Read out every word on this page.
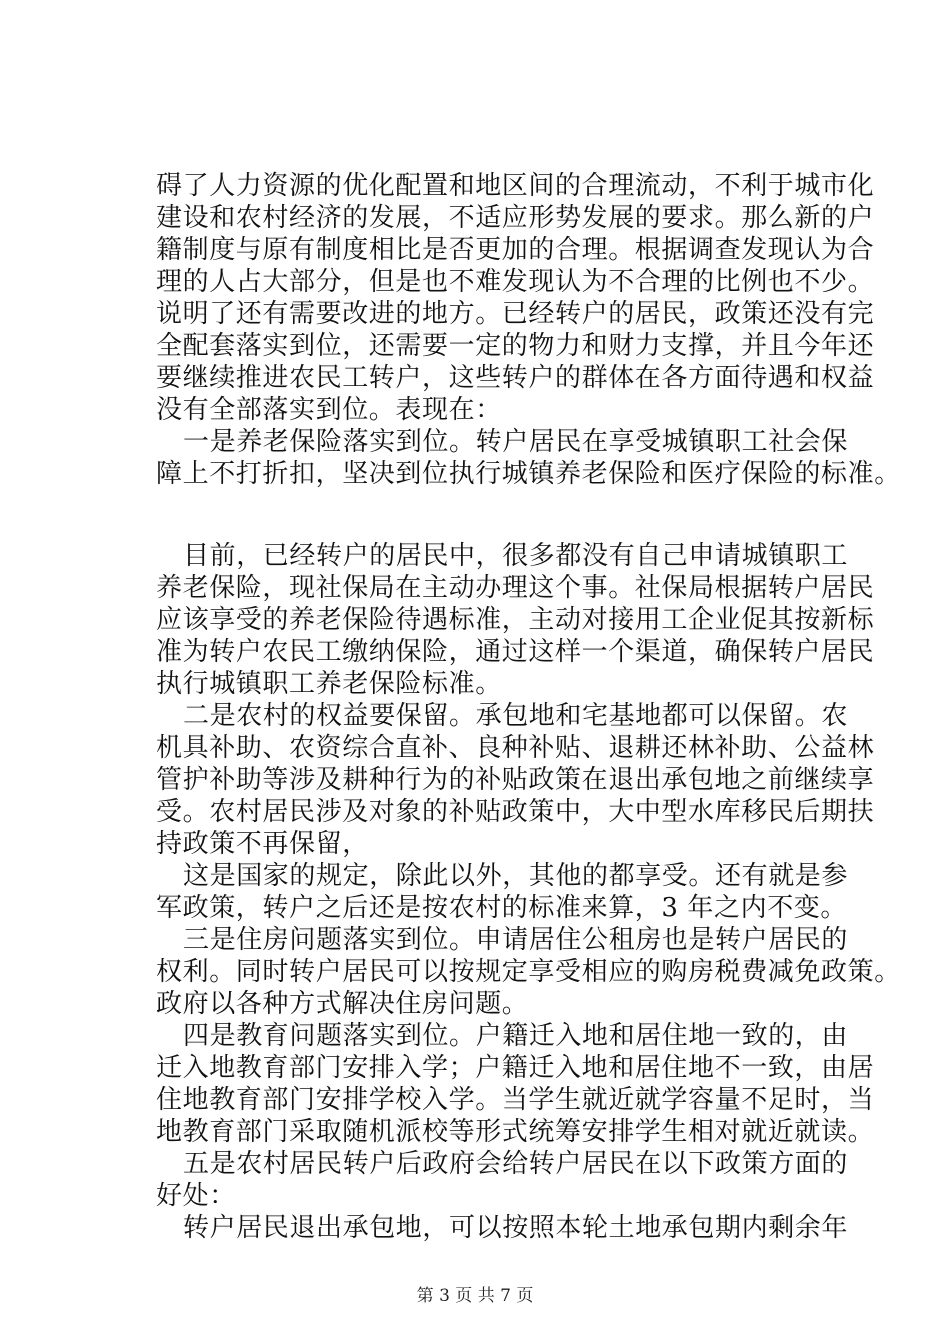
碍了人力资源的优化配置和地区间的合理流动，不利于城市化
建设和农村经济的发展，不适应形势发展的要求。那么新的户
籍制度与原有制度相比是否更加的合理。根据调查发现认为合
理的人占大部分，但是也不难发现认为不合理的比例也不少。
说明了还有需要改进的地方。已经转户的居民，政策还没有完
全配套落实到位，还需要一定的物力和财力支撑，并且今年还
要继续推进农民工转户，这些转户的群体在各方面待遇和权益
没有全部落实到位。表现在：
一是养老保险落实到位。转户居民在享受城镇职工社会保
障上不打折扣，坚决到位执行城镇养老保险和医疗保险的标准。
目前，已经转户的居民中，很多都没有自己申请城镇职工
养老保险，现社保局在主动办理这个事。社保局根据转户居民
应该享受的养老保险待遇标准，主动对接用工企业促其按新标
准为转户农民工缴纳保险，通过这样一个渠道，确保转户居民
执行城镇职工养老保险标准。
二是农村的权益要保留。承包地和宅基地都可以保留。农
机具补助、农资综合直补、良种补贴、退耕还林补助、公益林
管护补助等涉及耕种行为的补贴政策在退出承包地之前继续享
受。农村居民涉及对象的补贴政策中，大中型水库移民后期扶
持政策不再保留，
这是国家的规定，除此以外，其他的都享受。还有就是参
军政策，转户之后还是按农村的标准来算，3 年之内不变。
三是住房问题落实到位。申请居住公租房也是转户居民的
权利。同时转户居民可以按规定享受相应的购房税费减免政策。
政府以各种方式解决住房问题。
四是教育问题落实到位。户籍迁入地和居住地一致的，由
迁入地教育部门安排入学；户籍迁入地和居住地不一致，由居
住地教育部门安排学校入学。当学生就近就学容量不足时，当
地教育部门采取随机派校等形式统筹安排学生相对就近就读。
五是农村居民转户后政府会给转户居民在以下政策方面的
好处：
转户居民退出承包地，可以按照本轮土地承包期内剩余年
第 3 页 共 7 页
